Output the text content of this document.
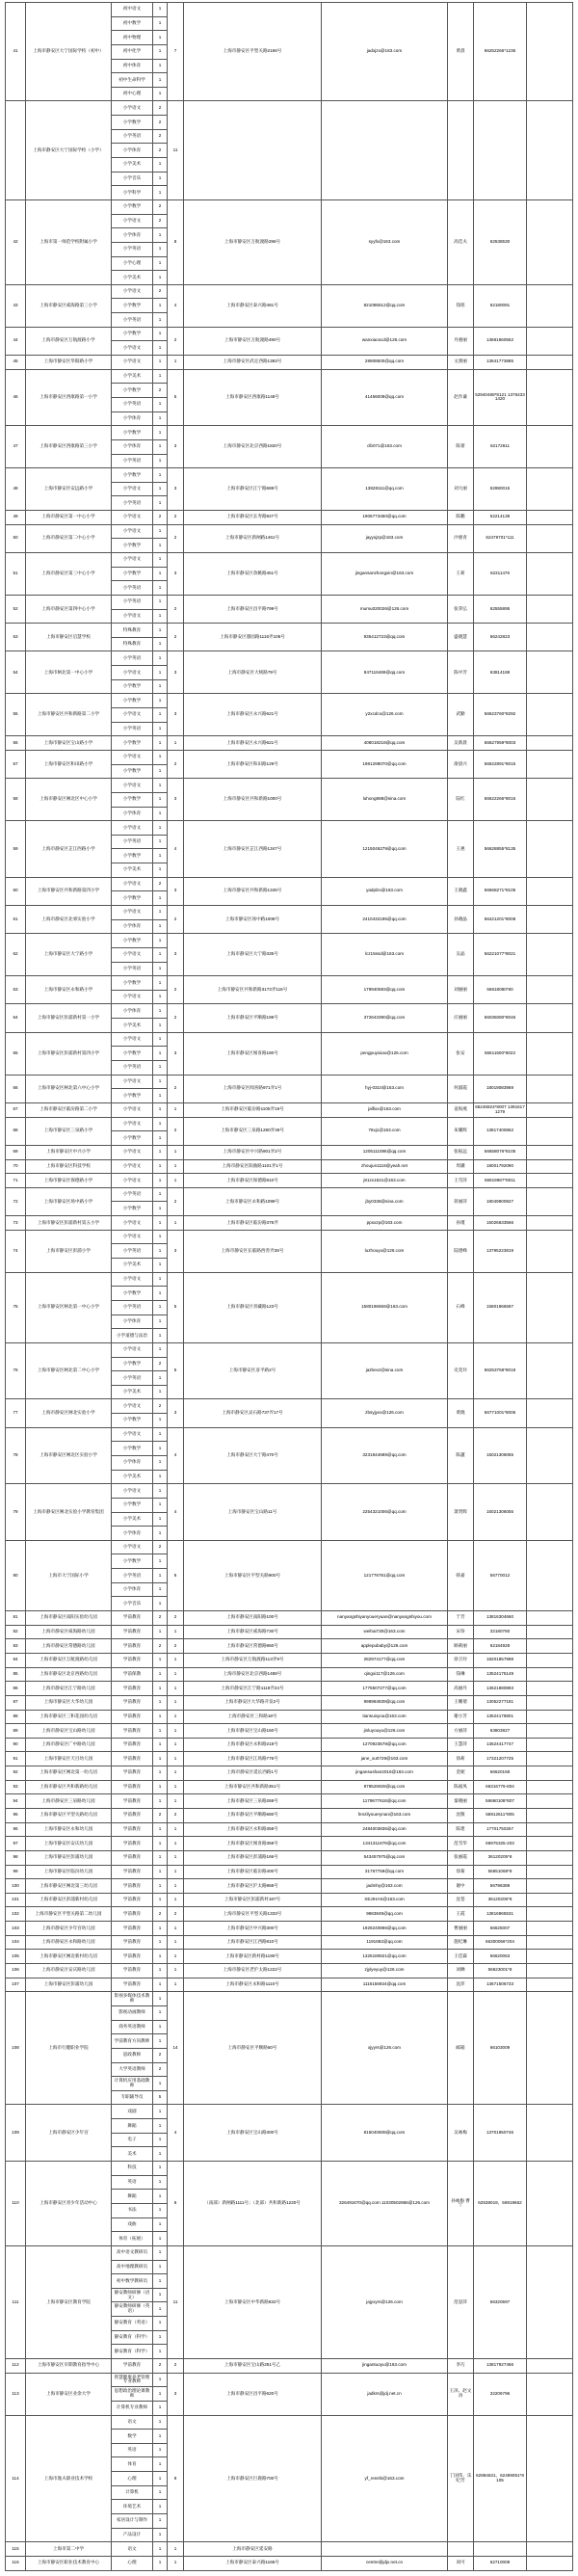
41	上海市静安区大宁国际学校（初中）	初中语文	1	7	上海市静安区平型关路2166号	jadxjzx@163.com	黄晨	66252266*1236	
		初中数学	1						
		初中物理	1						
		初中化学	1						
		初中体育	1						
		初中生命科学	1						
		初中心理	1						
	上海市静安区大宁国际学校（小学）	小学语文	2	11					
		小学数学	2						
		小学英语	2						
		小学体育	2						
		小学美术	1						
		小学音乐	1						
		小学科学	1						
42	上海市第一师范学校附属小学	小学数学	2	8	上海市静安区万航渡路296号	syyfx@163.com	高佳夫	62538530	
		小学语文	2						
		小学体育	1						
		小学英语	1						
		小学心理	1						
		小学美术	1						
43	上海市静安区威海路第三小学	小学语文	2	4	上海市静安区泰兴路481号	821085512@qq.com	钱铭	62180091	
		小学数学	1						
		小学英语	1						
44	上海市静安区万航渡路小学	小学数学	1	2	上海市静安区万航渡路490号	wanxiaoxcd@126.com	丹惠丽	13681860562	
		小学语文	1						
45	上海市静安区华阳路小学	小学语文	1	1	上海市静安区武定西路1383号	28908500@qq.com	文蕾丽	13641773885	
46	上海市静安区西康路第一小学	小学美术	1	5	上海市静安区西康路1148号	41456009@qq.com	赵作谦	52940488*8121 13764331420	
		小学数学	2						
		小学英语	1						
		小学体育	1						
47	上海市静安区西康路第三小学	小学数学	1	3	上海市静安区北京西路1820号	clb071@163.com	陈蕾	62172611	
		小学体育	1						
		小学英语	1						
48	上海市静安区安远路小学	小学数学	1	3	上海市静安区江宁路688号	13828111@qq.com	刘大丽	62980015	
		小学语文	1						
		小学英语	1						
49	上海市静安区第一中心小学	小学语文	2	2	上海市静安区长寿路827号	1906773450@qq.com	陈鹏	52214139	
50	上海市静安区第二中心小学	小学语文	1	2	上海市静安区新闸路1461号	jayyxjzp@163.com	沙惠青	62479701*111	
		小学数学	1						
51	上海市静安区第三中心小学	小学语文	1	3	上海市静安区余姚路451号	jingansanzhongxin@163.com	王莉	62311476	
		小学数学	1						
		小学英语	1						
52	上海市静安区第四中心小学	小学英语	1	2	上海市静安区昌平路799号	mumu020026@126.com	张荣弘	62555895	
		小学语文	1						
53	上海市静安区启慧学校	特殊教育	1	2	上海市静安区愚园路1116弄106号	935412723@qq.com	盛晓慧	66242823	
		特殊教育	1						
54	上海市闸北第一中心小学	小学英语	1	3	上海市静安区大统路79号	847116469@qq.com	陈中芳	63814188	
		小学语文	1						
		小学数学	1						
55	上海市静安区共和新路第二小学	小学数学	1	3	上海市静安区永兴路621号	y2xcdco@126.com	武勤	56623760*8292	
		小学语文	1						
		小学英语	1						
56	上海市静安区宝山路小学	小学数学	1	1	上海市静安区永兴路621号	408018218@qq.com	吴新晨	56627959*8003	
57	上海市静安区和田路小学	小学语文	1	2	上海市静安区和田路129号	1981298070@qq.com	俞晨兴	56622891*8015	
		小学数学	1						
58	上海市静安区闸北区中心小学	小学语文	1	3	上海市静安区共和新路1000号	luhong888@sina.com	陆红	56622266*8016	
		小学数学	1						
		小学体育	1						
59	上海市静安区芷江西路小学	小学语文	1	4	上海市静安区芷江西路1347号	1215046279@qq.com	王惠	56628855*8135	
		小学英语	1						
		小学数学	1						
		小学美术	1						
60	上海市静安区共和新路第四小学	小学语文	2	3	上海市静安区共和新路1345号	yadplzx@163.com	王晓鑫	56668271*8105	
		小学数学	1						
61	上海市静安区北郊实验小学	小学语文	1	2	上海市静安区场中路1008号	2410432195@qq.com	孙晓晶	56421201*8008	
		小学体育	1						
62	上海市静安区大宁路小学	小学数学	1	3	上海市静安区大宁路335号	lcz15ssd@163.com	吴晶	56221077*8021	
		小学语文	1						
		小学英语	1						
63	上海市静安区永和路小学	小学数学	1	2	上海市静安区共和新路3173弄116号	178940583@qq.com	刘丽丽	56618080*80	
		小学语文	1						
64	上海市静安区彭浦新村第一小学	小学体育	1	2	上海市静安区平顺路198号	372643390@qq.com	应丽丽	56035080*8046	
		小学美术	1						
65	上海市静安区彭浦新村第四小学	小学语文	1	3	上海市静安区闻喜路180号	pengpuyixiao@126.com	张安	56611500*8022	
		小学数学	1						
		小学英语	1						
66	上海市静安区闸北第六中心小学	小学语文	1	2	上海市静安区闻喜路971弄1号	hyj-0310@163.com	何淑霞	18019083969	
		小学数学	1						
67	上海市静安区临汾路第二小学	小学语文	1	1	上海市静安区临汾路1105弄19号	jalfixx@163.com	姜海燕	66246824*8007 13916171279	
68	上海市静安区三泉路小学	小学语文	1	2	上海市静安区三泉路1280弄49号	76xj1@163.com	朱耀辉	13817400862	
		小学数学	1						
69	上海市静安区中兴小学	小学语文	1	1	上海市静安区中兴路901弄2号	1205111086@qq.com	张振远	56658076*8105	
70	上海市静安区科技学校	小学语文	1	1	上海市静安区阳曲路1101弄1号	zhoujun1118@yeah.net	周骥	18001792090	
71	上海市静安区保德路小学	小学语文	1	1	上海市静安区保德路810号	j81zx1521@163.com	王雪萍	56919987*8011	
72	上海市静安区场中路小学	小学英语	1	2	上海市静安区永和路1099号	jby0338@sina.com	蒋丽萍	18049900927	
		小学数学	1						
73	上海市静安区彭浦新村第五小学	小学语文	1	1	上海市静安区临汾路375弄	ppxxzp@163.com	孙瑾	15026633566	
74	上海市静安区彭浦小学	小学语文	1	3	上海市静安区长临路西善弄28号	luzhouyu@126.com	陆建峰	13795223819	
		小学英语	1						
		小学美术	1						
75	上海市静安区闸北第一中心小学	小学语文	1	5	上海市静安区青藏路123号	1580196659@163.com	石峰	15801966597	
		小学数学	1						
		小学英语	1						
		小学体育	1						
		小学道德与法治	1						
76	上海市静安区闸北第二中心小学	小学语文	1	5	上海市静安区彦平路2号	jazbexz@sina.com	史奕玲	66253758*8018	
		小学数学	2						
		小学英语	1						
		小学美术	1						
77	上海市静安区闸北实验小学	小学语文	2	3	上海市静安区灵石路737弄17号	zbsyjyxx@126.com	黄晓	56771001*8006	
		小学数学	1						
78	上海市静安区闸北区实验小学	小学语文	1	4	上海市静安区大宁路470号	3231844689@qq.com	陈蕙	15021306055	
		小学数学	1						
		小学体育	1						
		小学美术	1						
79	上海市静安区闸北实验小学教育集团	小学语文	1	4	上海市静安区宝山路11号	2254321006@qq.com	萧贤辉	15021306055	
		小学数学	1						
		小学美术	1						
		小学体育	1						
80	上海市大宁国际小学	小学语文	2	6	上海市静安区平型关路900号	121776761@qq.com	韩嘉	56770012	
		小学数学	1						
		小学英语	1						
		小学体育	1						
		小学音乐	1						
81	上海市静安区南阳实验幼儿园	学前教育	2	2	上海市静安区南阳路100号	nanyangshiyanyoueryuan@nanyangshiyou.com	于芳	13816304660	
82	上海市静安区威海路幼儿园	学前教育	1	1	上海市静安区威海路730号	weihai730@163.com	宋珍	32180760	
83	上海市静安区常德路幼儿园	学前教育	2	2	上海市静安区常德路860号	applepubaby@126.com	顾莉丽	62184928	
84	上海市静安区万航渡路幼儿园	学前教育	1	1	上海市静安区万航渡路113弄9号	282974177@qq.com	徐卫玲	18201857998	
85	上海市静安区北京西路幼儿园	学前保教	1	1	上海市静安区北京西路1488号	qingxi117@126.com	钱琳	13524175149	
86	上海市静安区江宁路幼儿园	学前教育	1	1	上海市静安区江宁路1118弄24号	1775507277@qq.com	高丽丹	13621880893	
87	上海市静安区大华幼儿园	学前教育	1	1	上海市静安区大华路开发2号	998984839@qq.com	王姗倩	13052277181	
88	上海市静安区三和花园幼儿园	学前教育	1	1	上海市静安区三和路18号	tiansuixyou@163.com	谢小芳	13524178801	
89	上海市静安区宝山路幼儿园	学前教育	1	1	上海市静安区宝山路160号	jinluyouyu@126.com	方丽萍	63803827	
90	上海市静安区广中路幼儿园	学前教育	1	1	上海市静安区永和路218号	1270923578@qq.com	王慧萍	13524417747	
91	上海市静安区天目幼儿园	学前教育	1	1	上海市静安区江场路776号	jane_xu0729@163.com	徐莉	17321207725	
92	上海市静安区闸北第一幼儿园	学前教育	1	1	上海市静安区延长西路1号	jingansushan2016@163.com	金妮	56620168	
93	上海市静安区共和新路幼儿园	学前教育	1	1	上海市静安区共和新路351号	878526928@qq.com	陈福凤	66316776-804	
94	上海市静安区三泉路幼儿园	学前教育	1	1	上海市静安区三泉路268号	1179677618@qq.com	秦晓丽	56660108*807	
95	上海市静安区平型关路幼儿园	学前教育	2	2	上海市静安区平顺路680号	fenzilyouerynan@163.com	沈敬	56912611*805	
96	上海市静安区永和幼儿园	学前教育	1	1	上海市静安区永和路358号	2484003836@qq.com	陈建	17701750267	
97	上海市静安区安庆幼儿园	学前教育	1	1	上海市静安区闻喜路358号	1341311679@qq.com	范雪华	66975325-203	
98	上海市静安区彭浦幼儿园	学前教育	1	1	上海市静安区彭浦路166号	543457975@qq.com	张丽霞	36120205*8	
99	上海市静安区临汾幼儿园	学前教育	1	1	上海市静安区临汾路400号	31767759@qq.com	徐菊	56651068*8	
100	上海市静安区闸北第三幼儿园	学前教育	1	1	上海市静安区沪太路868号	jadmhy@163.com	谢中	56796389	
101	上海市静安区彭浦新村幼儿园	学前教育	1	1	上海市静安区彭浦新村187号	XEJIHAS@163.com	沈苍	36120206*8	
102	上海市静安区平型关路第二幼儿园	学前教育	2	2	上海市静安区平型关路1333号	9683849@qq.com	王霞	13816965531	
103	上海市静安区少年宫幼儿园	学前教育	1	1	上海市静安区中兴路300号	1926240866@qq.com	曹丽丽	56625007	
104	上海市静安区永和路幼儿园	学前教育	1	1	上海市静安区江西路810号	1191682@qq.com	施纪琳	66300056*204	
105	上海市静安区闸北新村幼儿园	学前教育	1	1	上海市静安区新村路1190号	1325180621@qq.com	王佳霖	56620063	
106	上海市静安区安庆路幼儿园	学前教育	1	1	上海市静安区老沪太路1222号	zjylyeyuy@126.com	刘蝉	56623001*8	
107	上海市静安区彭浦幼儿园	学前教育	1	1	上海市静安区永和路1110号	1116156924@qq.com	沈萍	13671506733	
108	上海市行健职业学院	影视多媒体技术教师	1	14	上海市静安区平顺路50号	xjyyrs@126.com	邮箱	66103009	
		影视动画教师	1						
		商务英语教师	1						
		学前教育方向教师	1						
		思政教师	2						
		大学英语教师	2						
		计算机应用基础教师	1						
		专职辅导员	5						
109	上海市静安区少年宫	戏剧	1	4	上海市静安区宝山路300号	815040608@qq.com	吴咏梅	13701950746	
		舞蹈	1						
		电子	1						
		美术	1						
110	上海市静安区青少年活动中心	科技	1	6	（南部）新闸路1111号；（北部）共和新路1220号	326491670@qq.com 11030502866@126.com	孙咏梅 曹宁	62538019、56919662	
		英语	1						
		舞蹈	1						
		书法	1						
		戏曲	1						
		体育（拓展）	1						
111	上海市静安区教育学院	高中语文教研员	1	11	上海市静安区中华新路832号	jajyxyrs@126.com	范思萍	56320597	
		高中地理教研员	1						
		初中数学教研员	1						
		静安教师研修（语文）	1						
		静安教师研修（英语）	1						
		静安教育（英语）	1						
		静安教育（科学）	1						
		静安教育（科学）	1						
112	上海市静安区早期教育指导中心	学前教育	2	2	上海市静安区宝山路251号乙	jingantuoyu@163.com	李巧	13817927466	
113	上海市静安区业余大学	智慧健康养老管理专业教师	1	3	上海市静安区昌平路620号	jadkrs@jdj.net.cn	王泽、赵文涛	32206796	
		思想政治理论课教师	1						
		计算机专业教师	1						
114	上海市逸夫职业技术学校	语文	1	9	上海市静安区巨鹿路700号	yf_renshi@163.com	丁国伟、乐纪芳	62894631、62499051*8105	
		数学	1						
		英语	1						
		体育	1						
		心理	1						
		计算机	1						
		环境艺术	1						
		家居设计与制作	1						
		产品设计	1						
115	上海市第二中学	语文	1	1	上海市静安区延安路				
116	上海市静安区职业技术教育中心	心理	1	1	上海市静安区泰兴路1165号	centre@jdjx.net.cn	刘可	62710009	
